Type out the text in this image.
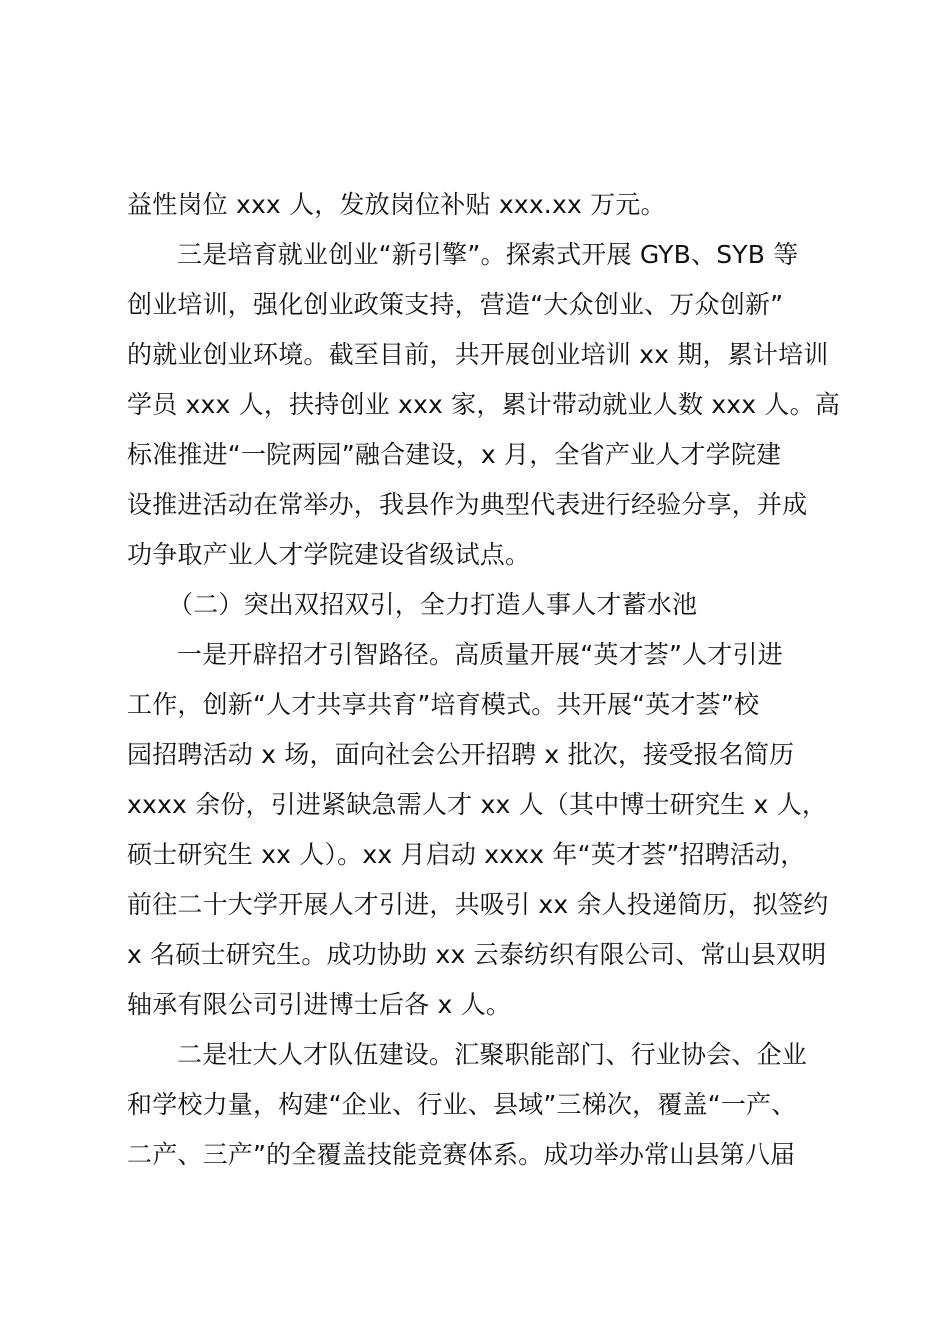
益性岗位 xxx 人，发放岗位补贴 xxx.xx 万元。
三是培育就业创业“新引擎”。探索式开展 GYB、SYB 等
创业培训，强化创业政策支持，营造“大众创业、万众创新”
的就业创业环境。截至目前，共开展创业培训 xx 期，累计培训
学员 xxx 人，扶持创业 xxx 家，累计带动就业人数 xxx 人。高
标准推进“一院两园”融合建设，x 月，全省产业人才学院建
设推进活动在常举办，我县作为典型代表进行经验分享，并成
功争取产业人才学院建设省级试点。
（二）突出双招双引，全力打造人事人才蓄水池
一是开辟招才引智路径。高质量开展“英才荟”人才引进
工作，创新“人才共享共育”培育模式。共开展“英才荟”校
园招聘活动 x 场，面向社会公开招聘 x 批次，接受报名简历
xxxx 余份，引进紧缺急需人才 xx 人（其中博士研究生 x 人，
硕士研究生 xx 人）。xx 月启动 xxxx 年“英才荟”招聘活动，
前往二十大学开展人才引进，共吸引 xx 余人投递简历，拟签约
x 名硕士研究生。成功协助 xx 云泰纺织有限公司、常山县双明
轴承有限公司引进博士后各 x 人。
二是壮大人才队伍建设。汇聚职能部门、行业协会、企业
和学校力量，构建“企业、行业、县域”三梯次，覆盖“一产、
二产、三产”的全覆盖技能竞赛体系。成功举办常山县第八届
